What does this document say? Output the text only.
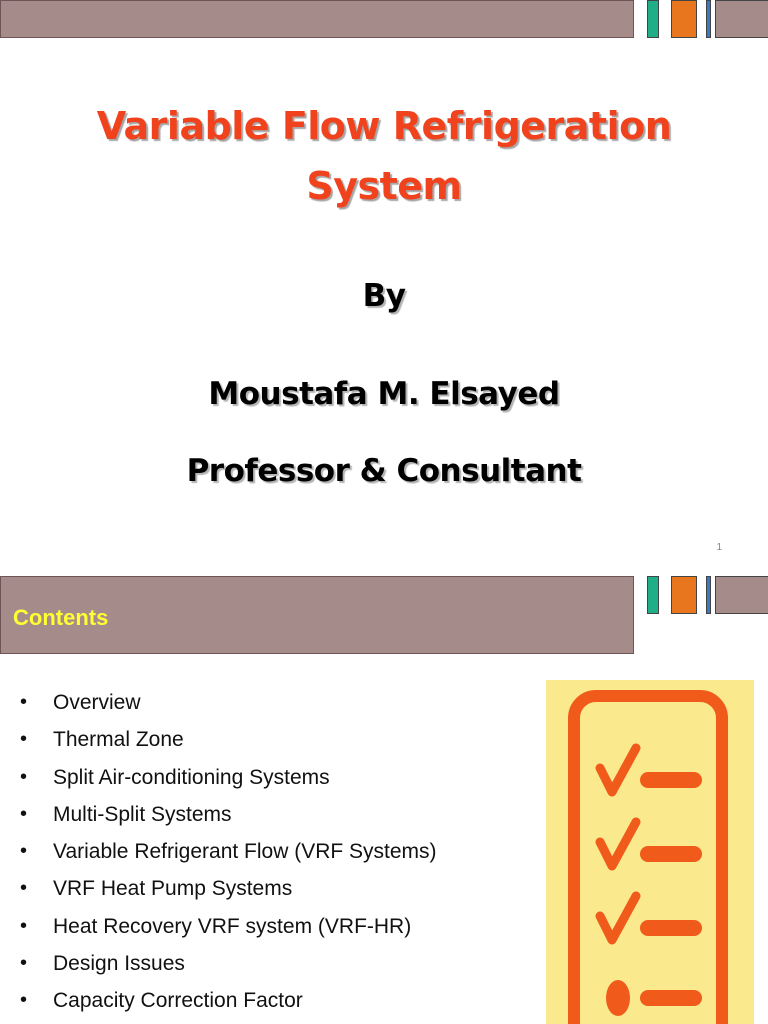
Variable Flow Refrigeration
System
By
Moustafa M. Elsayed
Professor & Consultant
1
Contents
• Overview
• Thermal Zone
• Split Air-conditioning Systems
• Multi-Split Systems
• Variable Refrigerant Flow (VRF Systems)
• VRF Heat Pump Systems
• Heat Recovery VRF system (VRF-HR)
• Design Issues
• Capacity Correction Factor
